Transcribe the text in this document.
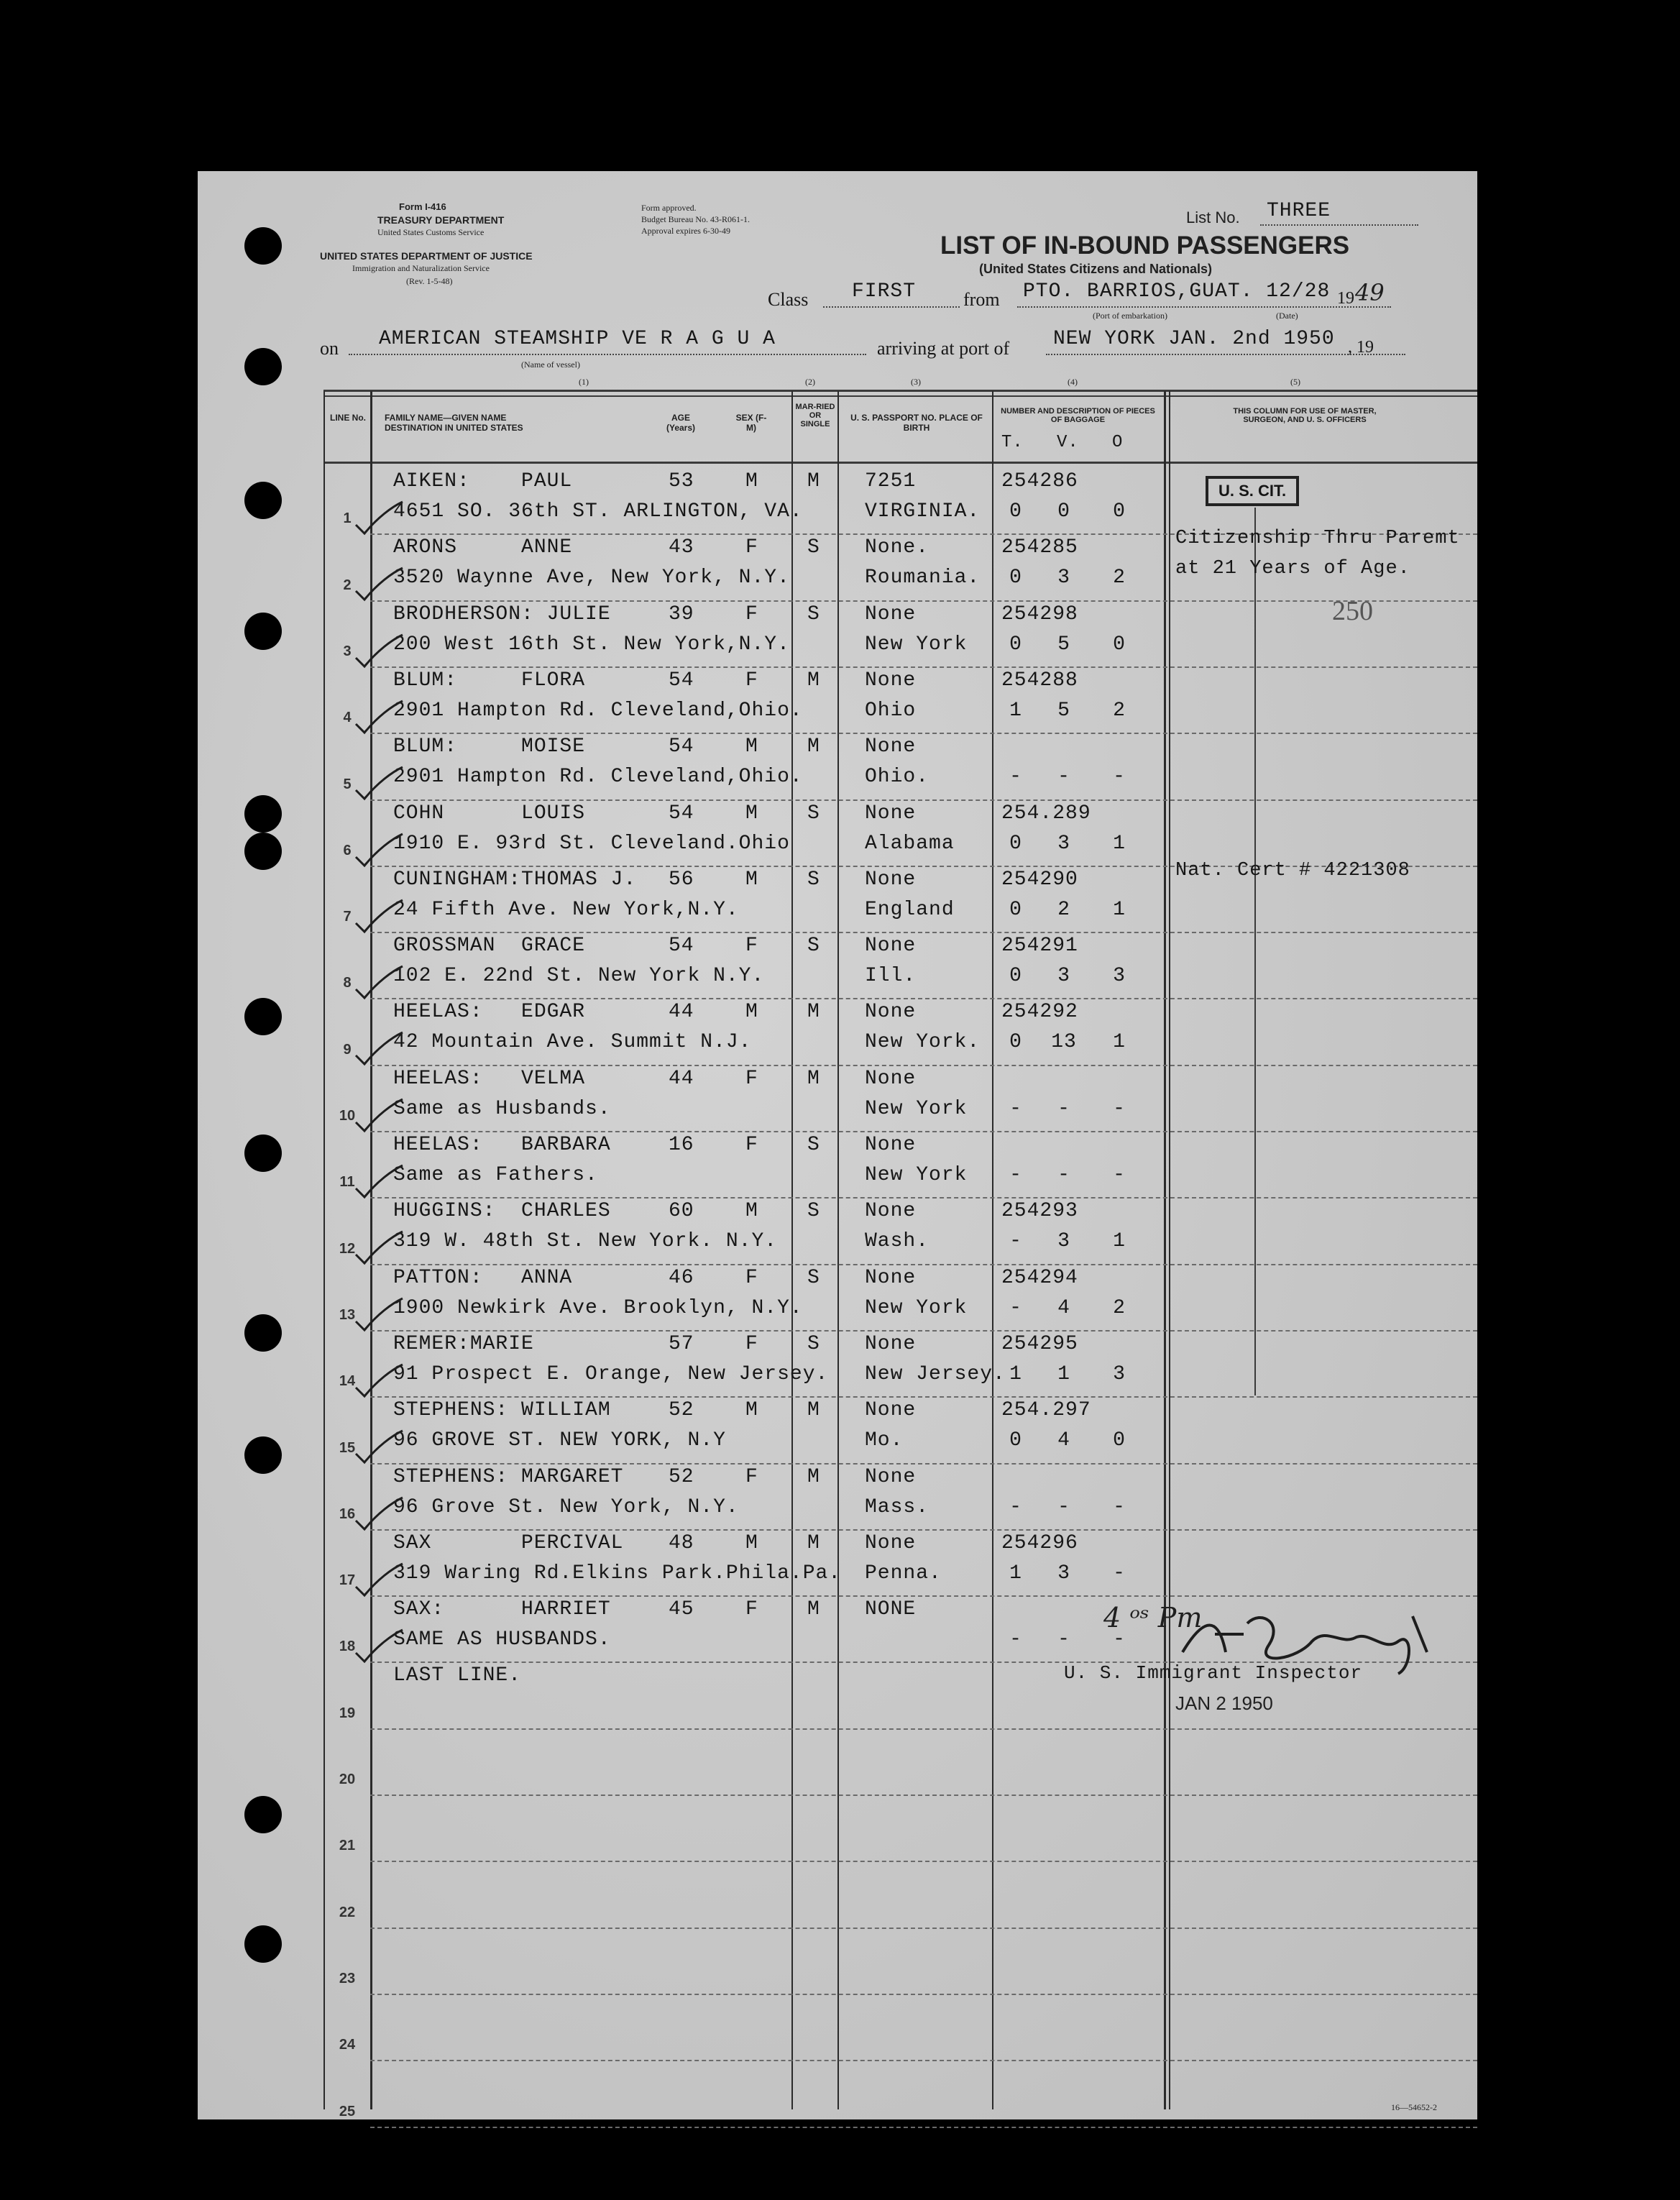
Form I-416
TREASURY DEPARTMENT
United States Customs Service
UNITED STATES DEPARTMENT OF JUSTICE
Immigration and Naturalization Service
(Rev. 1-5-48)
Form approved.
Budget Bureau No. 43-R061-1.
Approval expires 6-30-49
List No. THREE
LIST OF IN-BOUND PASSENGERS
(United States Citizens and Nationals)
Class FIRST	from PTO. BARRIOS,GUAT. 12/28 19 49
(Port of embarkation)	(Date)
on AMERICAN STEAMSHIP VE R A G U A
(Name of vessel)
arriving at port of NEW YORK JAN. 2nd 1950 , 19
(1)	(2)	(3)	(4)	(5)
LINE No. FAMILY NAME—GIVEN NAME
DESTINATION IN UNITED STATES
AGE (Years)
SEX (F-M)
MAR-RIED OR SINGLE
U. S. PASSPORT NO. PLACE OF BIRTH
NUMBER AND DESCRIPTION OF PIECES OF BAGGAGE
T.   V.   O
THIS COLUMN FOR USE OF MASTER, SURGEON, AND U. S. OFFICERS
1
AIKEN:    PAUL	53	M M 7251	254286
4651 SO. 36th ST. ARLINGTON, VA.	VIRGINIA.	0	0	0
2
ARONS     ANNE	43	F S None.	254285
3520 Waynne Ave, New York, N.Y.	Roumania.	0	3	2
3
BRODHERSON: JULIE	39	F S None	254298
200 West 16th St. New York,N.Y.	New York	0	5	0
4
BLUM:     FLORA	54	F M None	254288
2901 Hampton Rd. Cleveland,Ohio.	Ohio	1	5	2
5
BLUM:     MOISE	54	M M None
2901 Hampton Rd. Cleveland,Ohio.	Ohio.	-	-	-
6
COHN      LOUIS	54	M S None	254.289
1910 E. 93rd St. Cleveland.Ohio	Alabama	0	3	1
7
CUNINGHAM:THOMAS J. 56	M S None	254290
24 Fifth Ave. New York,N.Y.	England	0	2	1
8
GROSSMAN  GRACE	54	F S None	254291
102 E. 22nd St. New York N.Y.	Ill.	0	3	3
9
HEELAS:   EDGAR	44	M M None	254292
42 Mountain Ave. Summit N.J.	New York.	0	13	1
10
HEELAS:   VELMA	44	F M None
Same as Husbands.	New York	-	-	-
11
HEELAS:   BARBARA	16	F S None
Same as Fathers.	New York	-	-	-
12
HUGGINS:  CHARLES	60	M S None	254293
319 W. 48th St. New York. N.Y.	Wash.	-	3	1
13
PATTON:   ANNA	46	F S None	254294
1900 Newkirk Ave. Brooklyn, N.Y.	New York	-	4	2
14
REMER:MARIE	57	F S None	254295
91 Prospect E. Orange, New Jersey. New Jersey. 1	1	3
15
STEPHENS: WILLIAM	52	M M None	254.297
96 GROVE ST. NEW YORK, N.Y	Mo.	0	4	0
16
STEPHENS: MARGARET 52	F M None
96 Grove St. New York, N.Y.	Mass.	-	-	-
17
SAX       PERCIVAL 48	M M None	254296
319 Waring Rd.Elkins Park.Phila.Pa. Penna.	1	3	-
18
SAX:      HARRIET	45	F M NONE
SAME AS HUSBANDS.	-	-	-
19
LAST LINE.
20
21
22
23
24
25
U. S. CIT.
Citizenship Thru Paremt
at 21 Years of Age.
250
Nat. Cert # 4221308
4 ᵒˢ Pm
U. S. Immigrant Inspector
JAN 2 1950
16—54652-2
